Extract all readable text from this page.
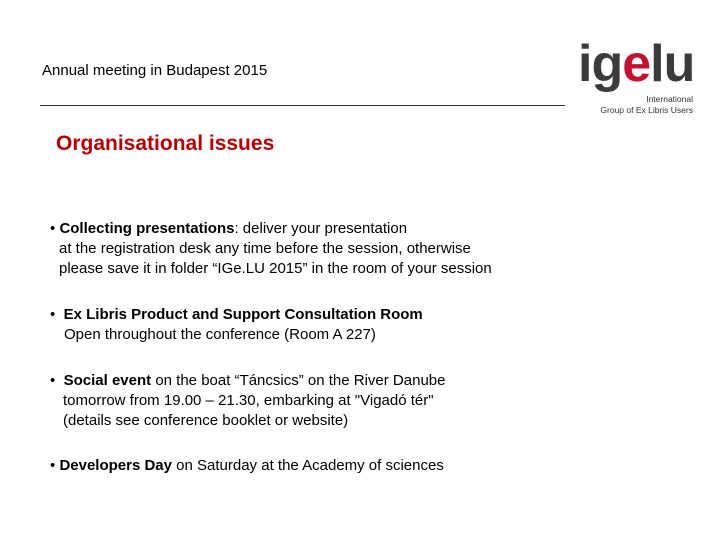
Annual meeting in Budapest 2015	igelu
International
Group of Ex Libris Users
Organisational issues
• Collecting presentations: deliver your presentation
at the registration desk any time before the session, otherwise
please save it in folder “IGe.LU 2015” in the room of your session
• Ex Libris Product and Support Consultation Room
Open throughout the conference (Room A 227)
• Social event on the boat “Táncsics” on the River Danube
tomorrow from 19.00 – 21.30, embarking at "Vigadó tér"
(details see conference booklet or website)
• Developers Day on Saturday at the Academy of sciences
